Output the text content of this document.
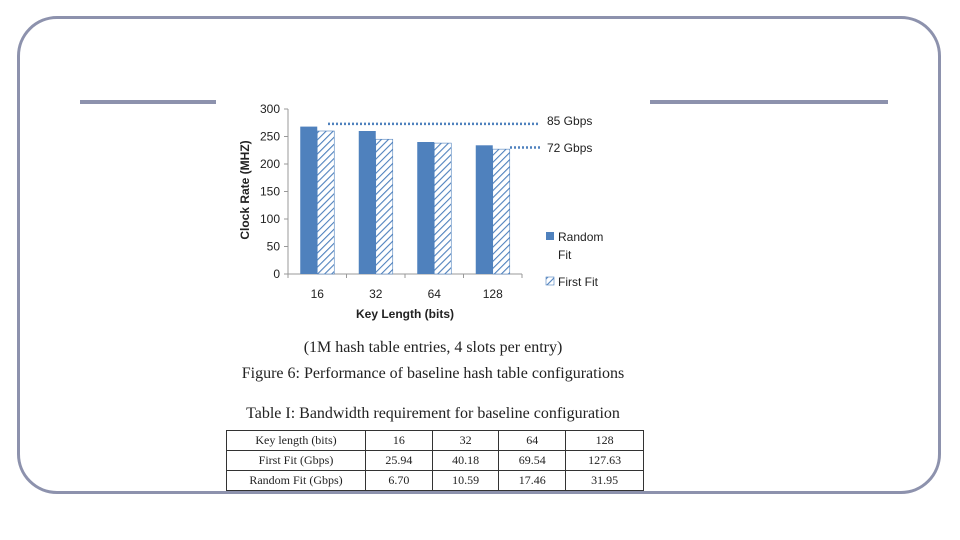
0
50
100
150
200
250
300
16	32	64	128
85 Gbps
72 Gbps
Key Length (bits)
Clock Rate (MHZ)	Random
Fit
First Fit
(1M hash table entries, 4 slots per entry)
Figure 6: Performance of baseline hash table configurations
Table I: Bandwidth requirement for baseline configuration
Key length (bits)	16	32	64	128
First Fit (Gbps)	25.94	40.18	69.54	127.63
Random Fit (Gbps)	6.70	10.59	17.46	31.95
